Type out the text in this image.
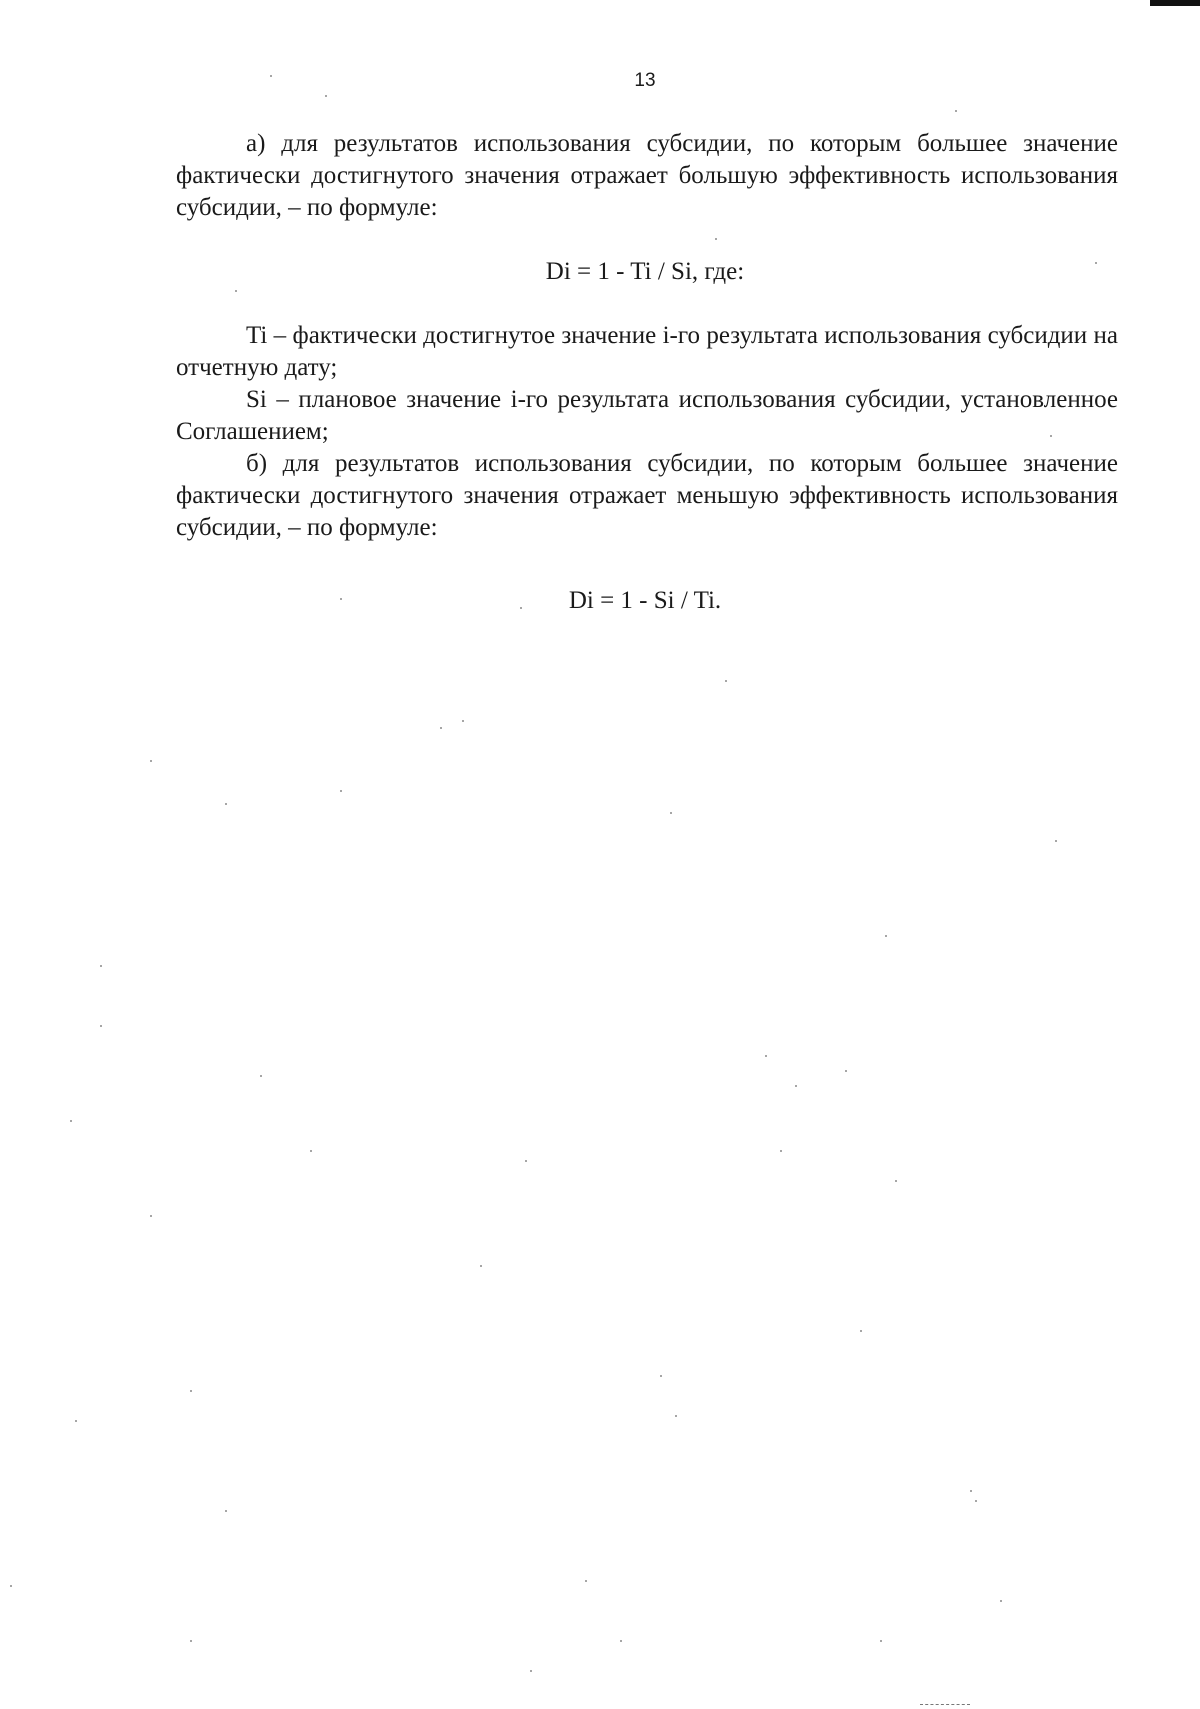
13

а) для результатов использования субсидии, по которым большее значение фактически достигнутого значения отражает большую эффективность использования субсидии, – по формуле:

Di = 1 - Ti / Si, где:

Ti – фактически достигнутое значение i-го результата использования субсидии на отчетную дату;

Si – плановое значение i-го результата использования субсидии, установленное Соглашением;

б) для результатов использования субсидии, по которым большее значение фактически достигнутого значения отражает меньшую эффективность использования субсидии, – по формуле:

Di = 1 - Si / Ti.
